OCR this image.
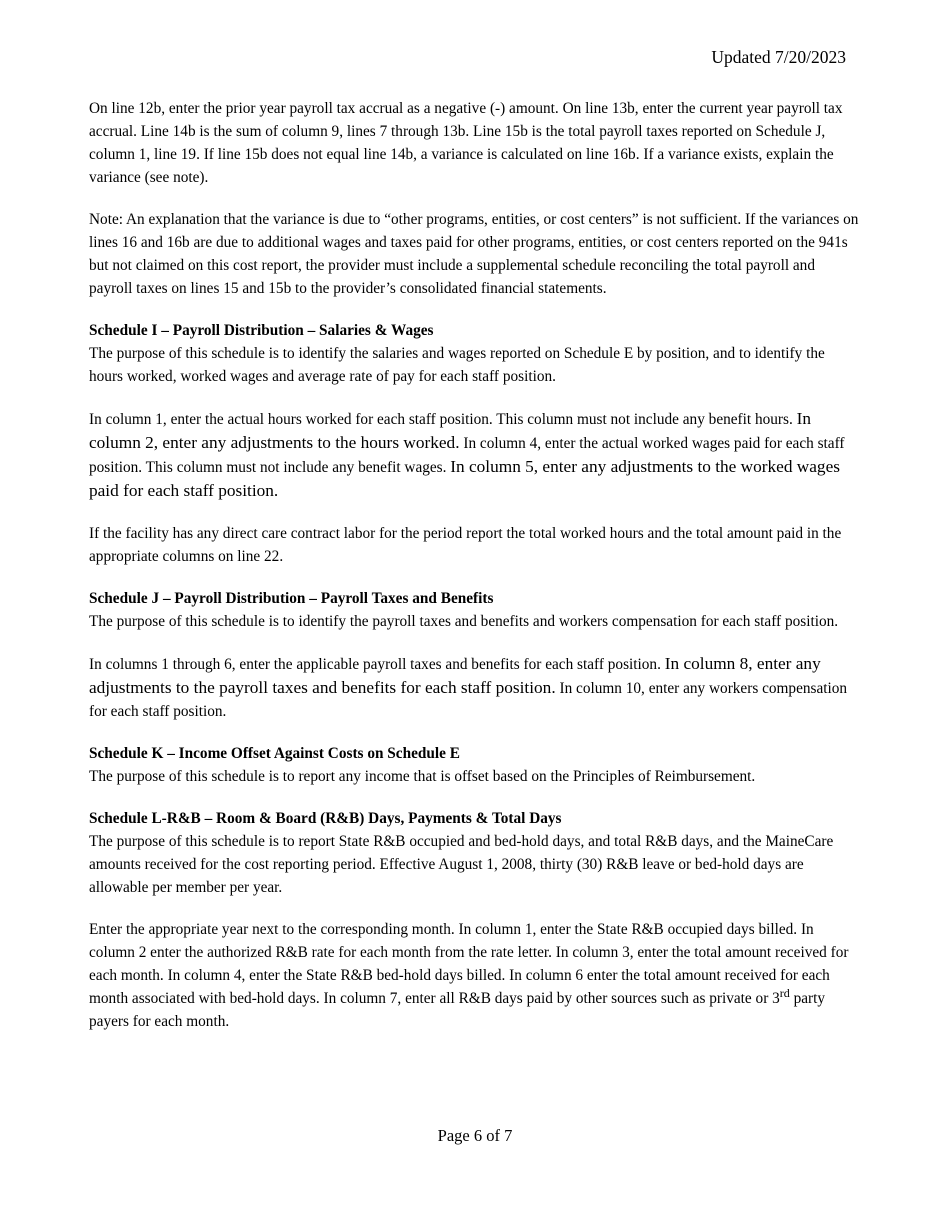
Updated 7/20/2023

On line 12b, enter the prior year payroll tax accrual as a negative (-) amount. On line 13b, enter the current year payroll tax accrual. Line 14b is the sum of column 9, lines 7 through 13b. Line 15b is the total payroll taxes reported on Schedule J, column 1, line 19. If line 15b does not equal line 14b, a variance is calculated on line 16b. If a variance exists, explain the variance (see note).

Note: An explanation that the variance is due to “other programs, entities, or cost centers” is not sufficient. If the variances on lines 16 and 16b are due to additional wages and taxes paid for other programs, entities, or cost centers reported on the 941s but not claimed on this cost report, the provider must include a supplemental schedule reconciling the total payroll and payroll taxes on lines 15 and 15b to the provider’s consolidated financial statements.

Schedule I – Payroll Distribution – Salaries & Wages

The purpose of this schedule is to identify the salaries and wages reported on Schedule E by position, and to identify the hours worked, worked wages and average rate of pay for each staff position.

In column 1, enter the actual hours worked for each staff position. This column must not include any benefit hours. In column 2, enter any adjustments to the hours worked. In column 4, enter the actual worked wages paid for each staff position. This column must not include any benefit wages. In column 5, enter any adjustments to the worked wages paid for each staff position.

If the facility has any direct care contract labor for the period report the total worked hours and the total amount paid in the appropriate columns on line 22.

Schedule J – Payroll Distribution – Payroll Taxes and Benefits

The purpose of this schedule is to identify the payroll taxes and benefits and workers compensation for each staff position.

In columns 1 through 6, enter the applicable payroll taxes and benefits for each staff position. In column 8, enter any adjustments to the payroll taxes and benefits for each staff position. In column 10, enter any workers compensation for each staff position.

Schedule K – Income Offset Against Costs on Schedule E

The purpose of this schedule is to report any income that is offset based on the Principles of Reimbursement.

Schedule L-R&B – Room & Board (R&B) Days, Payments & Total Days

The purpose of this schedule is to report State R&B occupied and bed-hold days, and total R&B days, and the MaineCare amounts received for the cost reporting period. Effective August 1, 2008, thirty (30) R&B leave or bed-hold days are allowable per member per year.

Enter the appropriate year next to the corresponding month. In column 1, enter the State R&B occupied days billed. In column 2 enter the authorized R&B rate for each month from the rate letter. In column 3, enter the total amount received for each month. In column 4, enter the State R&B bed-hold days billed. In column 6 enter the total amount received for each month associated with bed-hold days. In column 7, enter all R&B days paid by other sources such as private or 3rd party payers for each month.

Page 6 of 7
